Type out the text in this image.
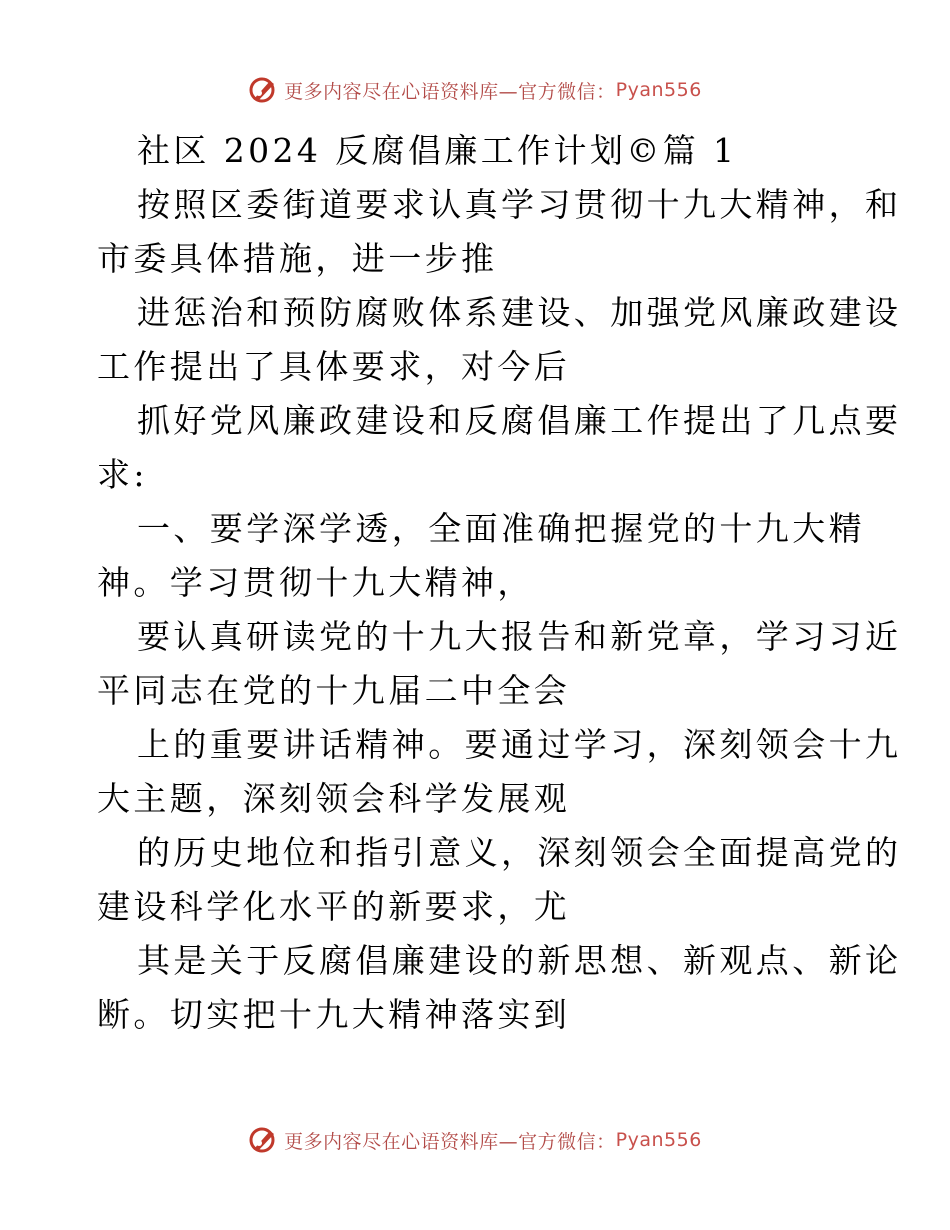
更多内容尽在心语资料库—官方微信： Pyan556
社区 2024 反腐倡廉工作计划©篇 1
按照区委街道要求认真学习贯彻十九大精神，和
市委具体措施，进一步推
进惩治和预防腐败体系建设、加强党风廉政建设
工作提出了具体要求，对今后
抓好党风廉政建设和反腐倡廉工作提出了几点要
求:
一、要学深学透，全面准确把握党的十九大精
神。学习贯彻十九大精神，
要认真研读党的十九大报告和新党章，学习习近
平同志在党的十九届二中全会
上的重要讲话精神。要通过学习，深刻领会十九
大主题，深刻领会科学发展观
的历史地位和指引意义，深刻领会全面提高党的
建设科学化水平的新要求，尤
其是关于反腐倡廉建设的新思想、新观点、新论
断。切实把十九大精神落实到
更多内容尽在心语资料库—官方微信： Pyan556
